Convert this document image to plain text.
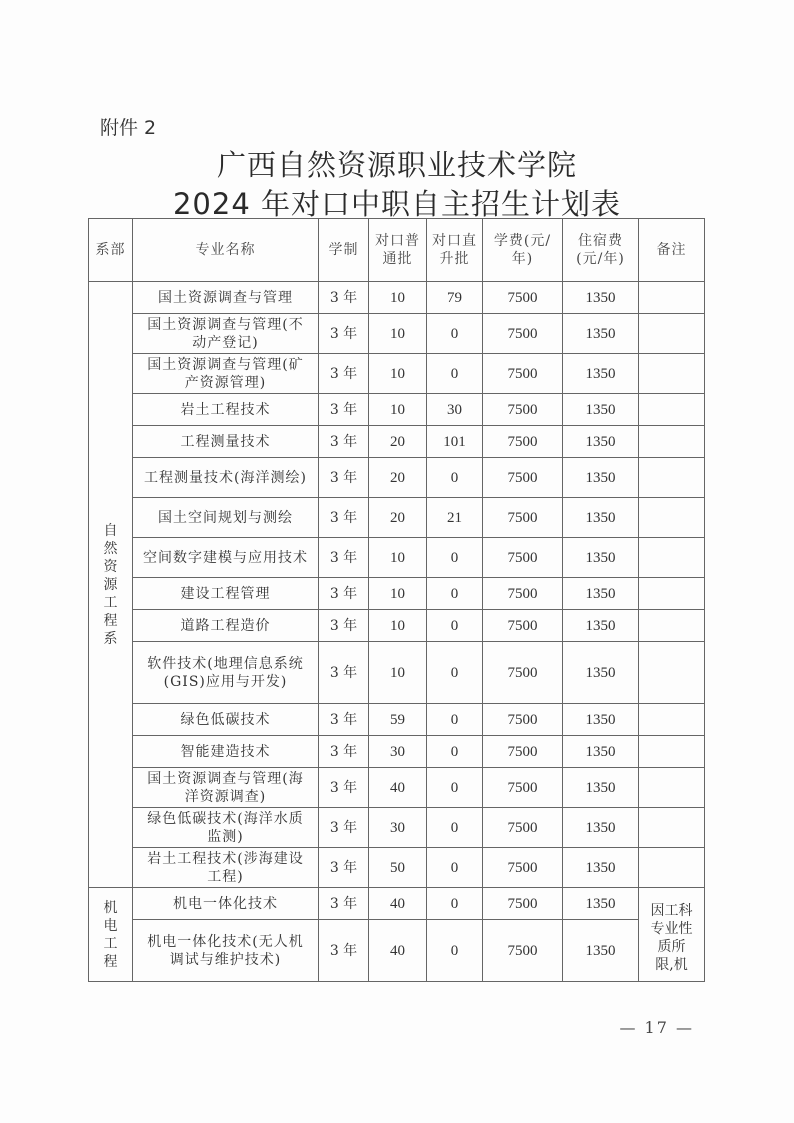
附件 2
广西自然资源职业技术学院
2024 年对口中职自主招生计划表
系部	专业名称	学制	对口普通批	对口直升批	学费(元/年)	住宿费(元/年)	备注
自然资源工程系	国土资源调查与管理	3 年	10	79	7500	1350	
	国土资源调查与管理(不动产登记)	3 年	10	0	7500	1350	
	国土资源调查与管理(矿产资源管理)	3 年	10	0	7500	1350	
	岩土工程技术	3 年	10	30	7500	1350	
	工程测量技术	3 年	20	101	7500	1350	
	工程测量技术(海洋测绘)	3 年	20	0	7500	1350	
	国土空间规划与测绘	3 年	20	21	7500	1350	
	空间数字建模与应用技术	3 年	10	0	7500	1350	
	建设工程管理	3 年	10	0	7500	1350	
	道路工程造价	3 年	10	0	7500	1350	
	软件技术(地理信息系统(GIS)应用与开发)	3 年	10	0	7500	1350	
	绿色低碳技术	3 年	59	0	7500	1350	
	智能建造技术	3 年	30	0	7500	1350	
	国土资源调查与管理(海洋资源调查)	3 年	40	0	7500	1350	
	绿色低碳技术(海洋水质监测)	3 年	30	0	7500	1350	
	岩土工程技术(涉海建设工程)	3 年	50	0	7500	1350	
机电工程	机电一体化技术	3 年	40	0	7500	1350	因工科专业性质所限,机
	机电一体化技术(无人机调试与维护技术)	3 年	40	0	7500	1350	
— 17 —
